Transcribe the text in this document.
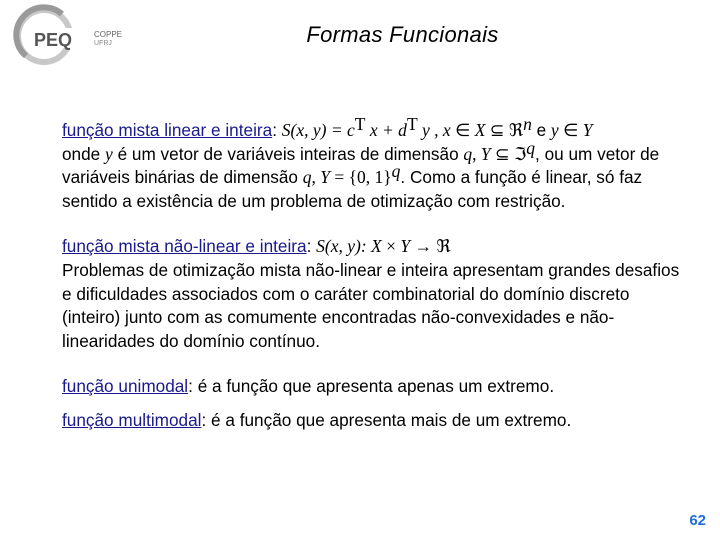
PEQ	COPPE
UFRJ	Formas Funcionais

função mista linear e inteira: S(x, $y) = c^T$ $x + d^T$ y , x ∈ X ⊆ ℜ$^n$ e y ∈ Y
onde y é um vetor de variáveis inteiras de dimensão q, Y ⊆ ℑ$^q$, ou um vetor de variáveis binárias de dimensão q, Y = {0, 1}$^q$. Como a função é linear, só faz sentido a existência de um problema de otimização com restrição.

função mista não-linear e inteira: S(x, y): X × Y → ℜ
Problemas de otimização mista não-linear e inteira apresentam grandes desafios e dificuldades associados com o caráter combinatorial do domínio discreto (inteiro) junto com as comumente encontradas não-convexidades e não-linearidades do domínio contínuo.

função unimodal: é a função que apresenta apenas um extremo.

função multimodal: é a função que apresenta mais de um extremo.

62
